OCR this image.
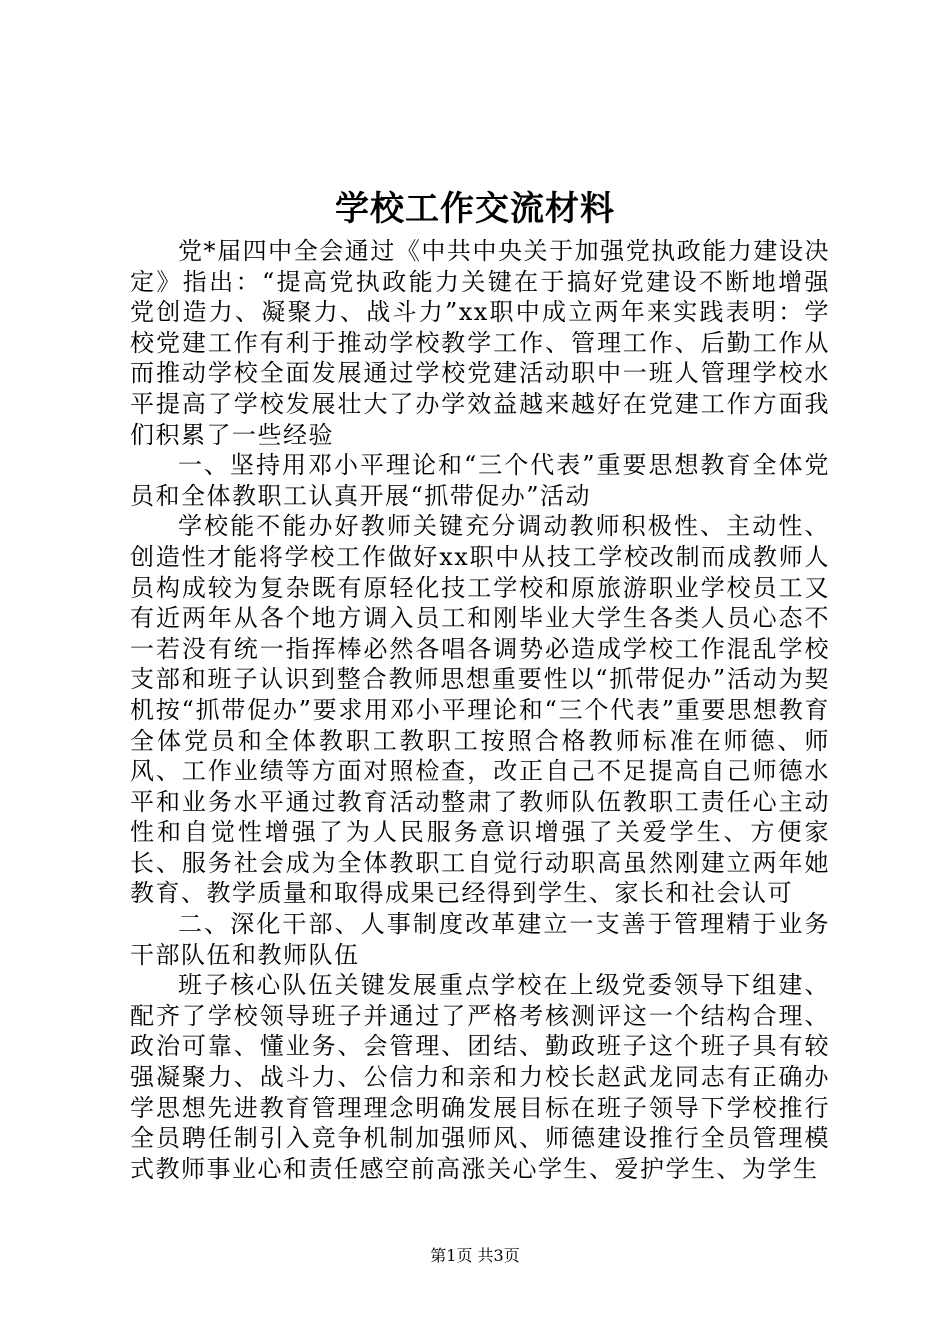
学校工作交流材料

党*届四中全会通过《中共中央关于加强党执政能力建设决定》指出：“提高党执政能力关键在于搞好党建设不断地增强党创造力、凝聚力、战斗力”xx职中成立两年来实践表明：学校党建工作有利于推动学校教学工作、管理工作、后勤工作从而推动学校全面发展通过学校党建活动职中一班人管理学校水平提高了学校发展壮大了办学效益越来越好在党建工作方面我们积累了一些经验

一、坚持用邓小平理论和“三个代表”重要思想教育全体党员和全体教职工认真开展“抓带促办”活动

学校能不能办好教师关键充分调动教师积极性、主动性、创造性才能将学校工作做好xx职中从技工学校改制而成教师人员构成较为复杂既有原轻化技工学校和原旅游职业学校员工又有近两年从各个地方调入员工和刚毕业大学生各类人员心态不一若没有统一指挥棒必然各唱各调势必造成学校工作混乱学校支部和班子认识到整合教师思想重要性以“抓带促办”活动为契机按“抓带促办”要求用邓小平理论和“三个代表”重要思想教育全体党员和全体教职工教职工按照合格教师标准在师德、师风、工作业绩等方面对照检查，改正自己不足提高自己师德水平和业务水平通过教育活动整肃了教师队伍教职工责任心主动性和自觉性增强了为人民服务意识增强了关爱学生、方便家长、服务社会成为全体教职工自觉行动职高虽然刚建立两年她教育、教学质量和取得成果已经得到学生、家长和社会认可

二、深化干部、人事制度改革建立一支善于管理精于业务干部队伍和教师队伍

班子核心队伍关键发展重点学校在上级党委领导下组建、配齐了学校领导班子并通过了严格考核测评这一个结构合理、政治可靠、懂业务、会管理、团结、勤政班子这个班子具有较强凝聚力、战斗力、公信力和亲和力校长赵武龙同志有正确办学思想先进教育管理理念明确发展目标在班子领导下学校推行全员聘任制引入竞争机制加强师风、师德建设推行全员管理模式教师事业心和责任感空前高涨关心学生、爱护学生、为学生

第1页 共3页
